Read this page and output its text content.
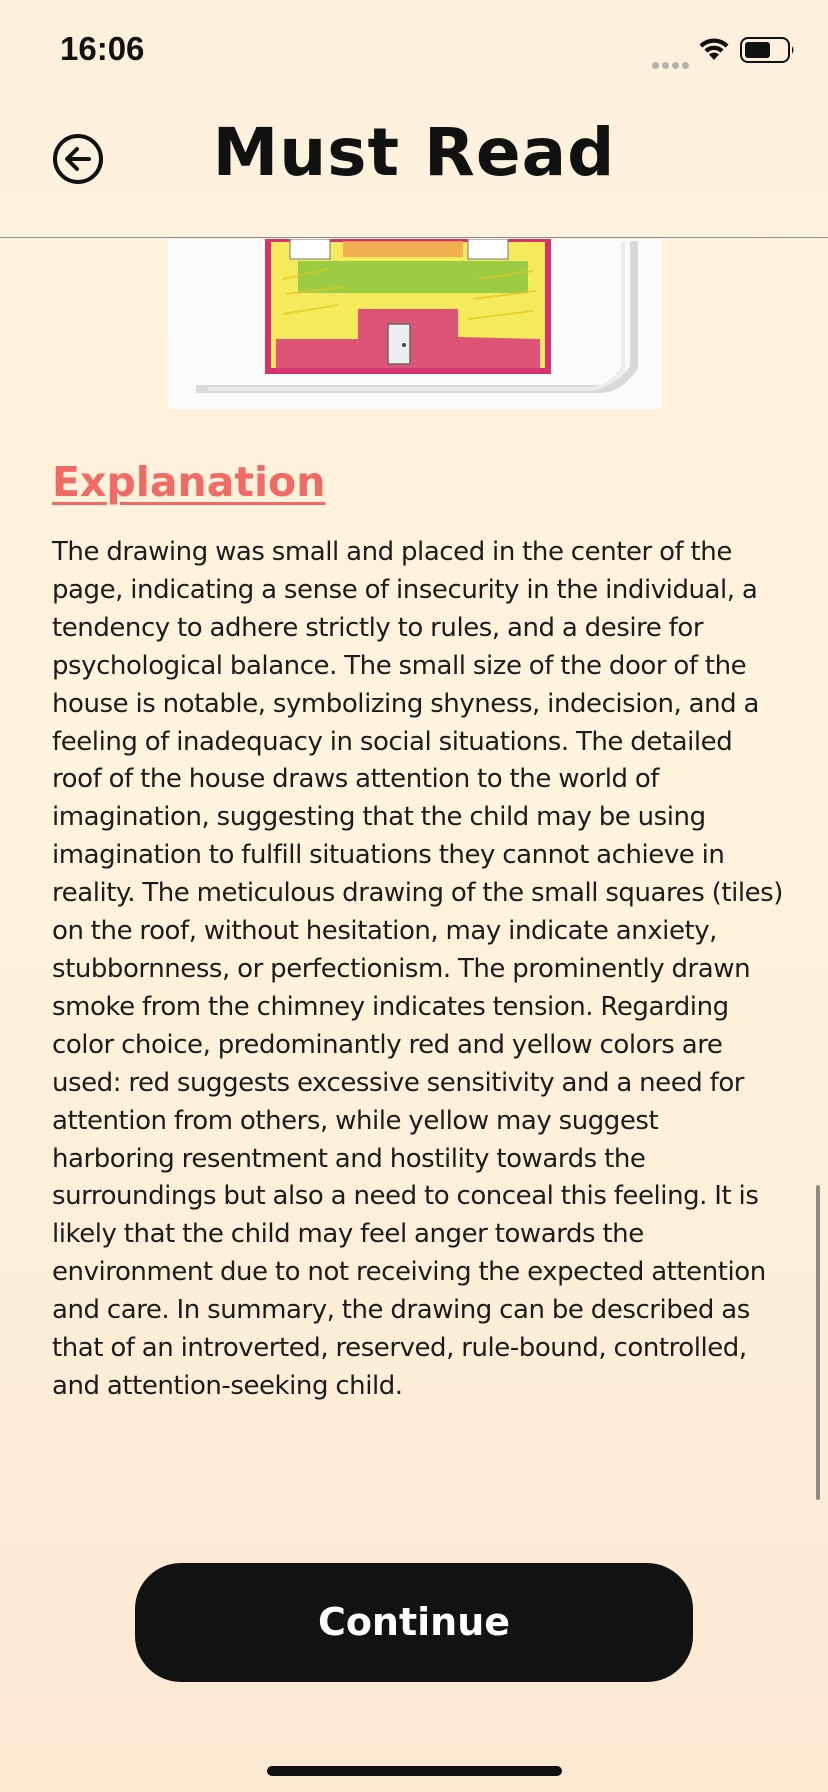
16:06
Must Read
Explanation
The drawing was small and placed in the center of the page, indicating a sense of insecurity in the individual, a tendency to adhere strictly to rules, and a desire for psychological balance. The small size of the door of the house is notable, symbolizing shyness, indecision, and a feeling of inadequacy in social situations. The detailed roof of the house draws attention to the world of imagination, suggesting that the child may be using imagination to fulfill situations they cannot achieve in reality. The meticulous drawing of the small squares (tiles) on the roof, without hesitation, may indicate anxiety, stubbornness, or perfectionism. The prominently drawn smoke from the chimney indicates tension. Regarding color choice, predominantly red and yellow colors are used: red suggests excessive sensitivity and a need for attention from others, while yellow may suggest harboring resentment and hostility towards the surroundings but also a need to conceal this feeling. It is likely that the child may feel anger towards the environment due to not receiving the expected attention and care. In summary, the drawing can be described as that of an introverted, reserved, rule-bound, controlled, and attention-seeking child.
Continue
